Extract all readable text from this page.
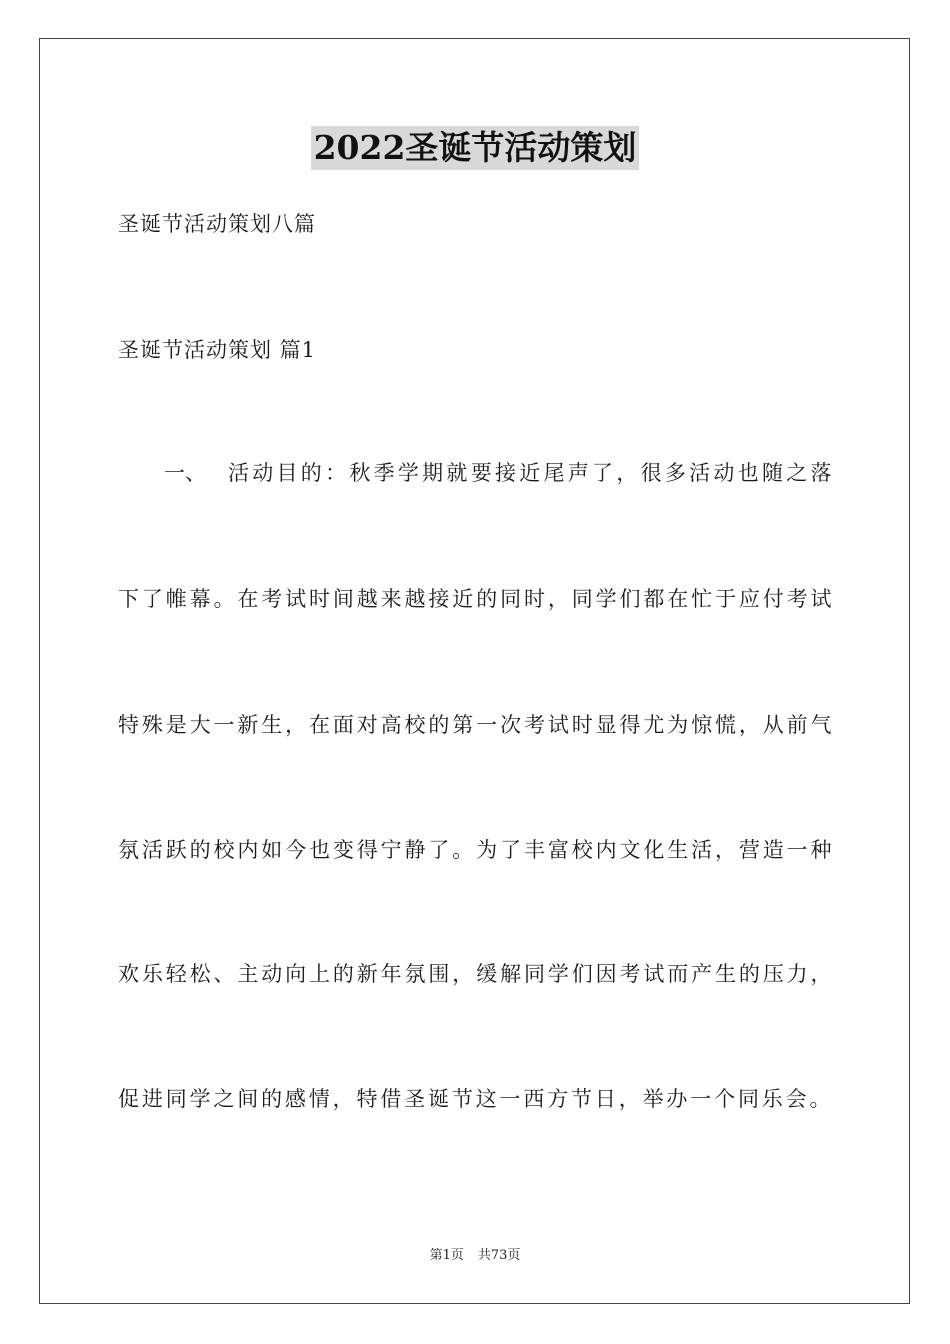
2022圣诞节活动策划
圣诞节活动策划八篇
圣诞节活动策划 篇1
一、 活动目的：秋季学期就要接近尾声了，很多活动也随之落
下了帷幕。在考试时间越来越接近的同时，同学们都在忙于应付考试
特殊是大一新生，在面对高校的第一次考试时显得尤为惊慌，从前气
氛活跃的校内如今也变得宁静了。为了丰富校内文化生活，营造一种
欢乐轻松、主动向上的新年氛围，缓解同学们因考试而产生的压力，
促进同学之间的感情，特借圣诞节这一西方节日，举办一个同乐会。
第1页 共73页
